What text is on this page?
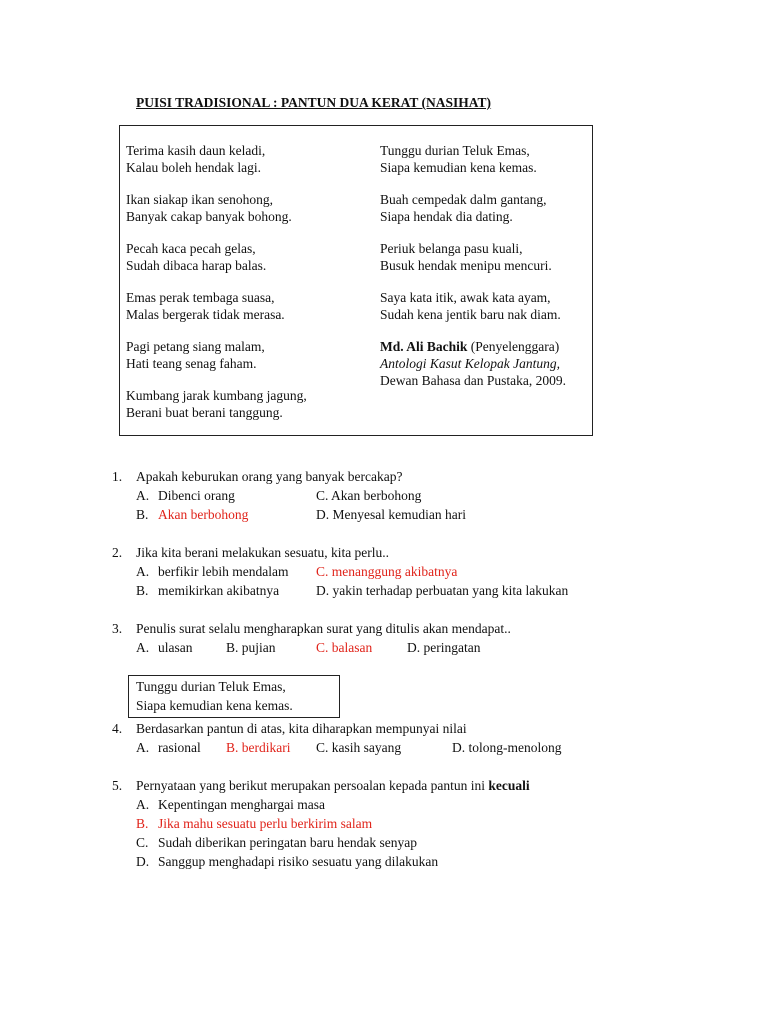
PUISI TRADISIONAL : PANTUN DUA KERAT (NASIHAT)
Terima kasih daun keladi,
Kalau boleh hendak lagi.
Ikan siakap ikan senohong,
Banyak cakap banyak bohong.
Pecah kaca pecah gelas,
Sudah dibaca harap balas.
Emas perak tembaga suasa,
Malas bergerak tidak merasa.
Pagi petang siang malam,
Hati teang senag faham.
Kumbang jarak kumbang jagung,
Berani buat berani tanggung.
Tunggu durian Teluk Emas,
Siapa kemudian kena kemas.
Buah cempedak dalm gantang,
Siapa hendak dia dating.
Periuk belanga pasu kuali,
Busuk hendak menipu mencuri.
Saya kata itik, awak kata ayam,
Sudah kena jentik baru nak diam.
Md. Ali Bachik (Penyelenggara)
Antologi Kasut Kelopak Jantung,
Dewan Bahasa dan Pustaka, 2009.
1. Apakah keburukan orang yang banyak bercakap?
A. Dibenci orang	C. Akan berbohong
B. Akan berbohong	D. Menyesal kemudian hari
2. Jika kita berani melakukan sesuatu, kita perlu..
A. berfikir lebih mendalam C. menanggung akibatnya
B. memikirkan akibatnya	D. yakin terhadap perbuatan yang kita lakukan
3. Penulis surat selalu mengharapkan surat yang ditulis akan mendapat..
A. ulasan B. pujian	C. balasan	D. peringatan
Tunggu durian Teluk Emas,
Siapa kemudian kena kemas.
4. Berdasarkan pantun di atas, kita diharapkan mempunyai nilai
A. rasional B. berdikari C. kasih sayang	D. tolong-menolong
5. Pernyataan yang berikut merupakan persoalan kepada pantun ini kecuali
A. Kepentingan menghargai masa
B. Jika mahu sesuatu perlu berkirim salam
C. Sudah diberikan peringatan baru hendak senyap
D. Sanggup menghadapi risiko sesuatu yang dilakukan
